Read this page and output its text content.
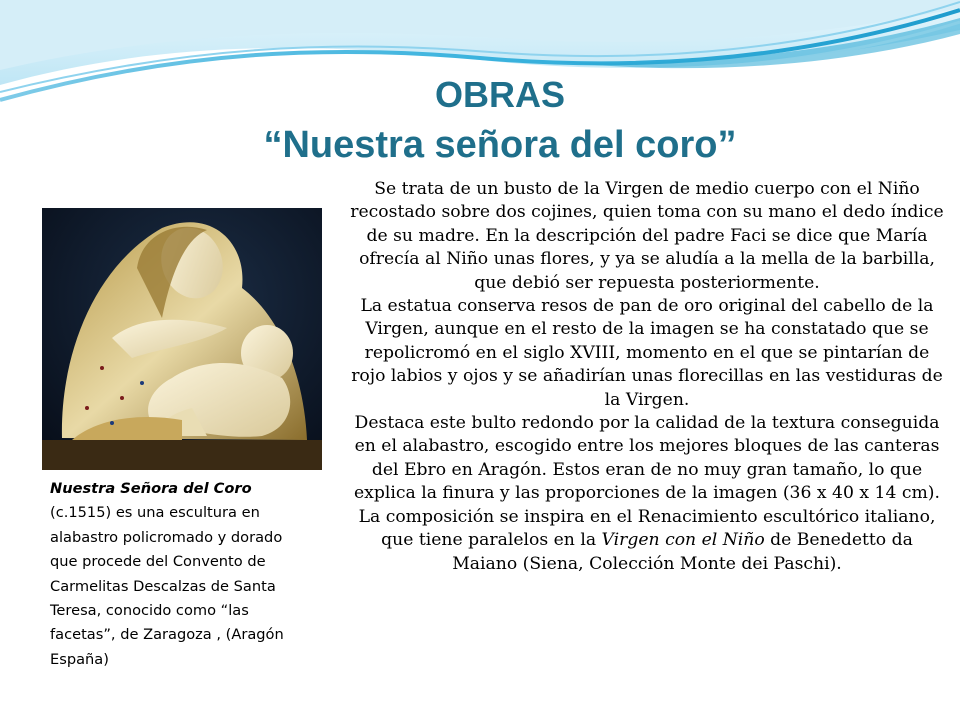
OBRAS
“Nuestra señora del coro”
Nuestra Señora del Coro (c.1515) es una escultura en alabastro policromado y dorado que procede del Convento de Carmelitas Descalzas de Santa Teresa, conocido como “las facetas”, de Zaragoza , (Aragón España)

Se trata de un busto de la Virgen de medio cuerpo con el Niño recostado sobre dos cojines, quien toma con su mano el dedo índice de su madre. En la descripción del padre Faci se dice que María ofrecía al Niño unas flores, y ya se aludía a la mella de la barbilla, que debió ser repuesta posteriormente.

La estatua conserva resos de pan de oro original del cabello de la Virgen, aunque en el resto de la imagen se ha constatado que se repolicromó en el siglo XVIII, momento en el que se pintarían de rojo labios y ojos y se añadirían unas florecillas en las vestiduras de la Virgen.

Destaca este bulto redondo por la calidad de la textura conseguida en el alabastro, escogido entre los mejores bloques de las canteras del Ebro en Aragón. Estos eran de no muy gran tamaño, lo que explica la finura y las proporciones de la imagen (36 x 40 x 14 cm). La composición se inspira en el Renacimiento escultórico italiano, que tiene paralelos en la Virgen con el Niño de Benedetto da Maiano (Siena, Colección Monte dei Paschi).
